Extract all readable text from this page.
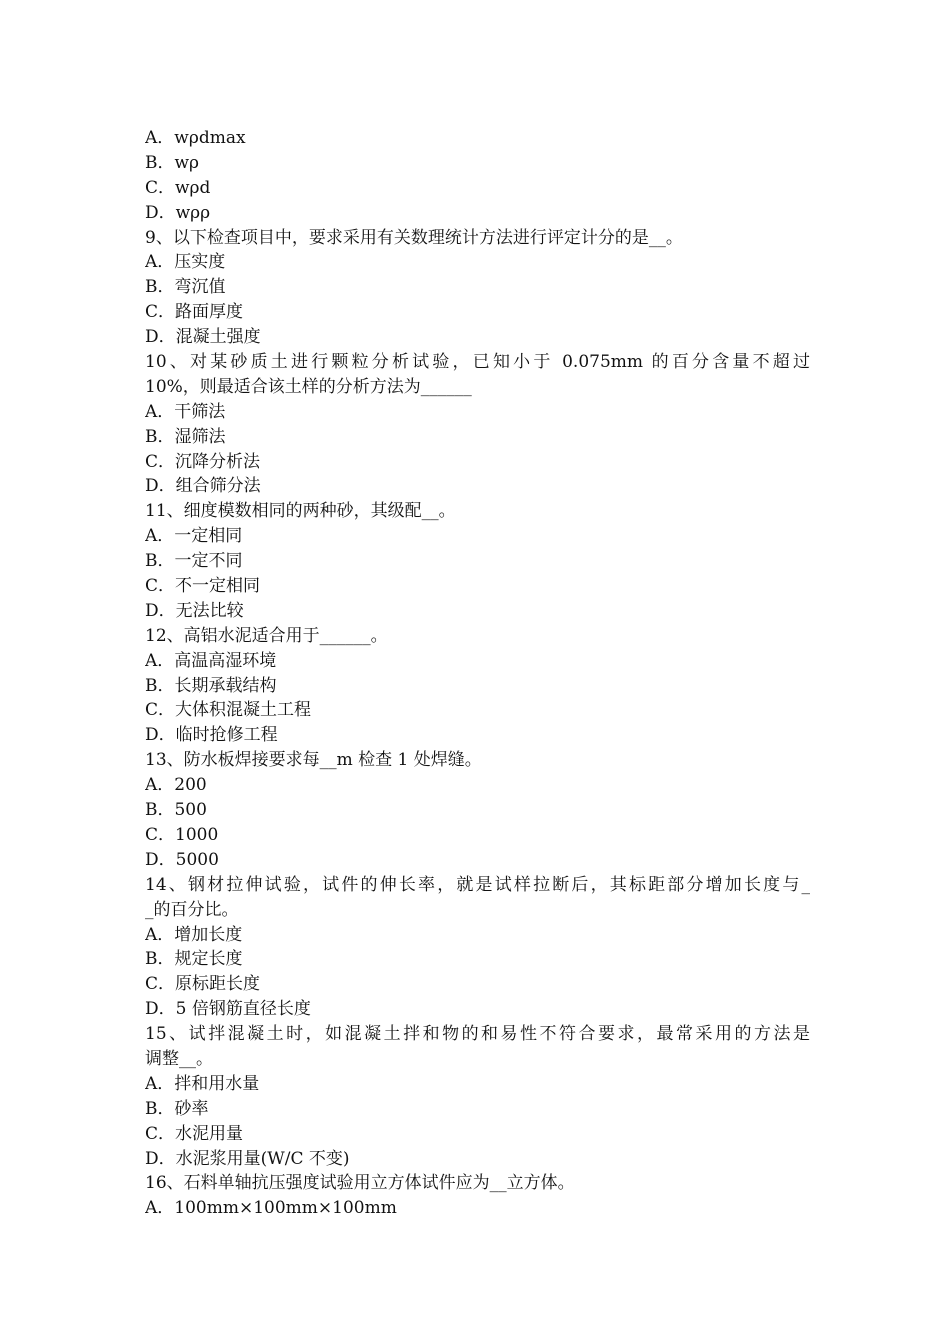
A．wρdmax
B．wρ
C．wρd
D．wρρ
9、以下检查项目中，要求采用有关数理统计方法进行评定计分的是__。
A．压实度
B．弯沉值
C．路面厚度
D．混凝土强度
10、对某砂质土进行颗粒分析试验，已知小于 0.075mm 的百分含量不超过
10%，则最适合该土样的分析方法为______
A．干筛法
B．湿筛法
C．沉降分析法
D．组合筛分法
11、细度模数相同的两种砂，其级配__。
A．一定相同
B．一定不同
C．不一定相同
D．无法比较
12、高铝水泥适合用于______。
A．高温高湿环境
B．长期承载结构
C．大体积混凝土工程
D．临时抢修工程
13、防水板焊接要求每__m 检查 1 处焊缝。
A．200
B．500
C．1000
D．5000
14、钢材拉伸试验，试件的伸长率，就是试样拉断后，其标距部分增加长度与_
_的百分比。
A．增加长度
B．规定长度
C．原标距长度
D．5 倍钢筋直径长度
15、试拌混凝土时，如混凝土拌和物的和易性不符合要求，最常采用的方法是
调整__。
A．拌和用水量
B．砂率
C．水泥用量
D．水泥浆用量(W/C 不变)
16、石料单轴抗压强度试验用立方体试件应为__立方体。
A．100mm×100mm×100mm
